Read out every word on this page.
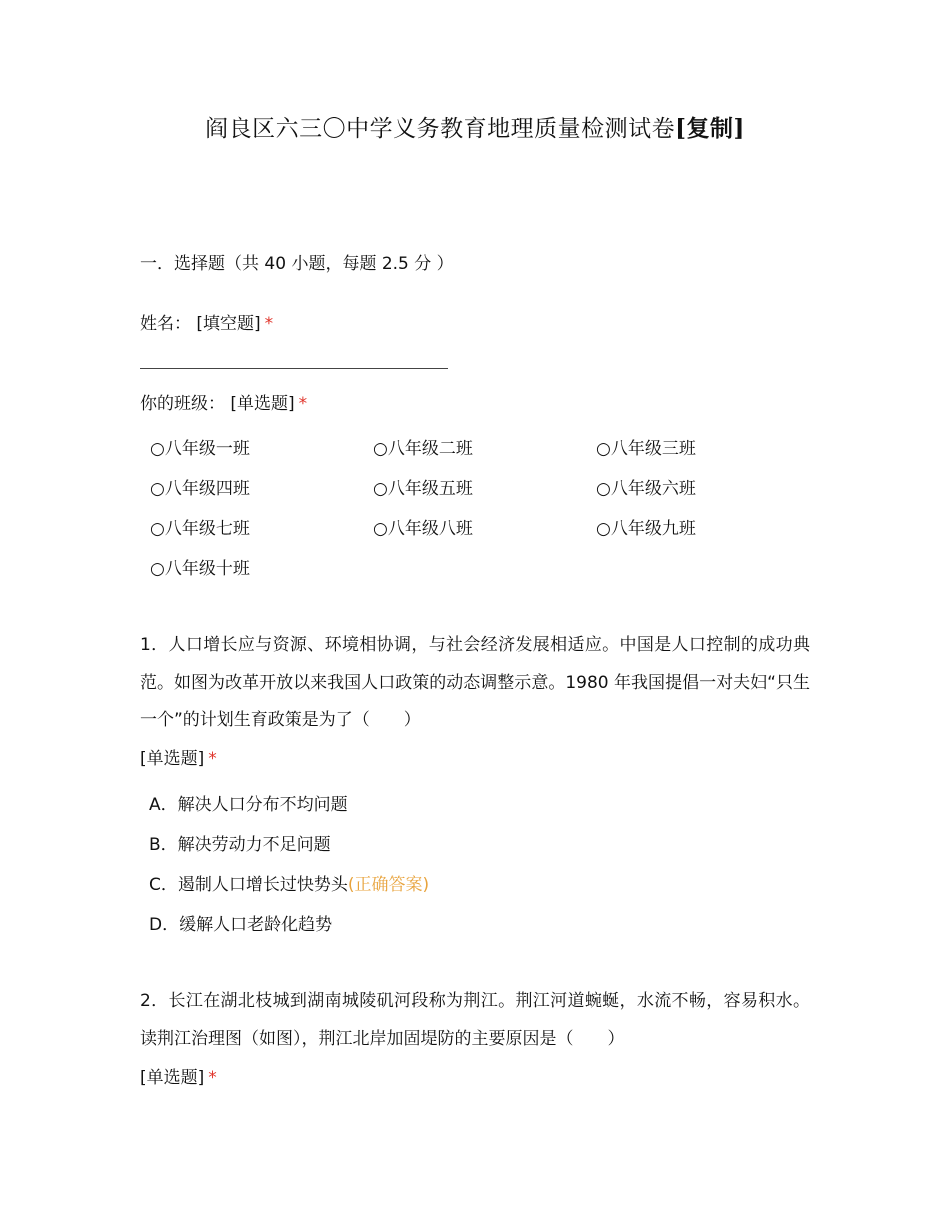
阎良区六三〇中学义务教育地理质量检测试卷[复制]
一．选择题（共 40 小题，每题 2.5 分 ）
姓名： [填空题] *
你的班级： [单选题] *
○八年级一班	○八年级二班	○八年级三班
○八年级四班	○八年级五班	○八年级六班
○八年级七班	○八年级八班	○八年级九班
○八年级十班
1．人口增长应与资源、环境相协调，与社会经济发展相适应。中国是人口控制的成功典范。如图为改革开放以来我国人口政策的动态调整示意。1980 年我国提倡一对夫妇“只生一个”的计划生育政策是为了（　　）
[单选题] *
A．解决人口分布不均问题
B．解决劳动力不足问题
C．遏制人口增长过快势头(正确答案)
D．缓解人口老龄化趋势
2．长江在湖北枝城到湖南城陵矶河段称为荆江。荆江河道蜿蜒，水流不畅，容易积水。读荆江治理图（如图），荆江北岸加固堤防的主要原因是（　　）
[单选题] *
